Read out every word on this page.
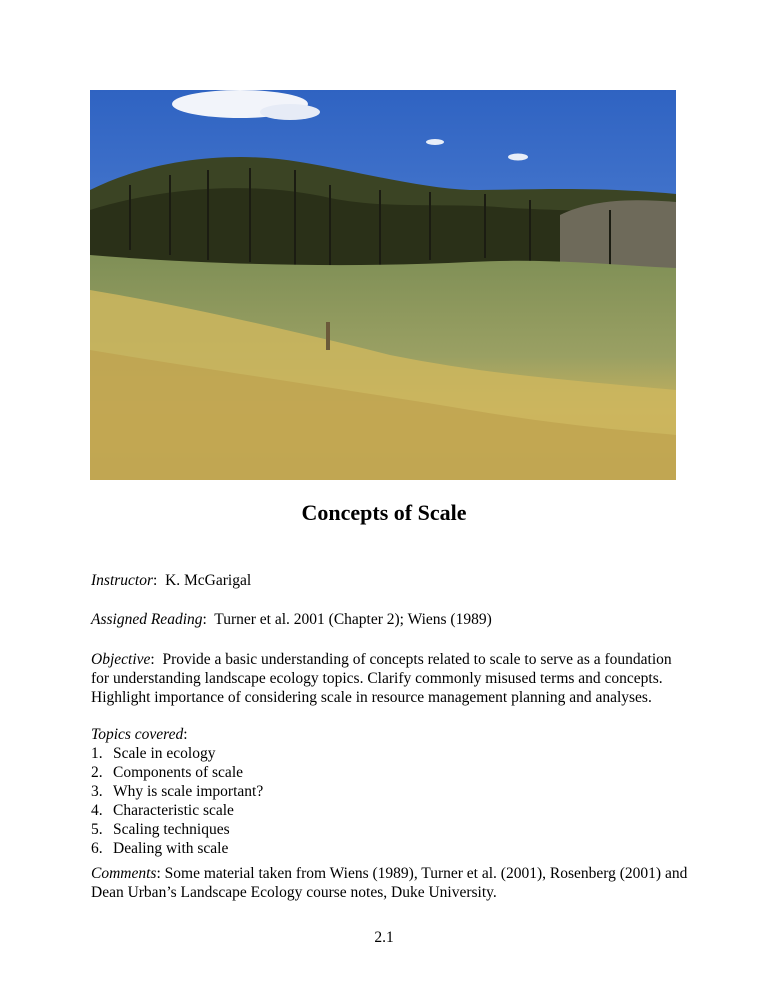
Concepts of Scale
Instructor:  K. McGarigal
Assigned Reading:  Turner et al. 2001 (Chapter 2); Wiens (1989)
Objective:  Provide a basic understanding of concepts related to scale to serve as a foundation for understanding landscape ecology topics. Clarify commonly misused terms and concepts. Highlight importance of considering scale in resource management planning and analyses.
Topics covered:
1. Scale in ecology
2. Components of scale
3. Why is scale important?
4. Characteristic scale
5. Scaling techniques
6. Dealing with scale
Comments: Some material taken from Wiens (1989), Turner et al. (2001), Rosenberg (2001) and Dean Urban’s Landscape Ecology course notes, Duke University.
2.1
